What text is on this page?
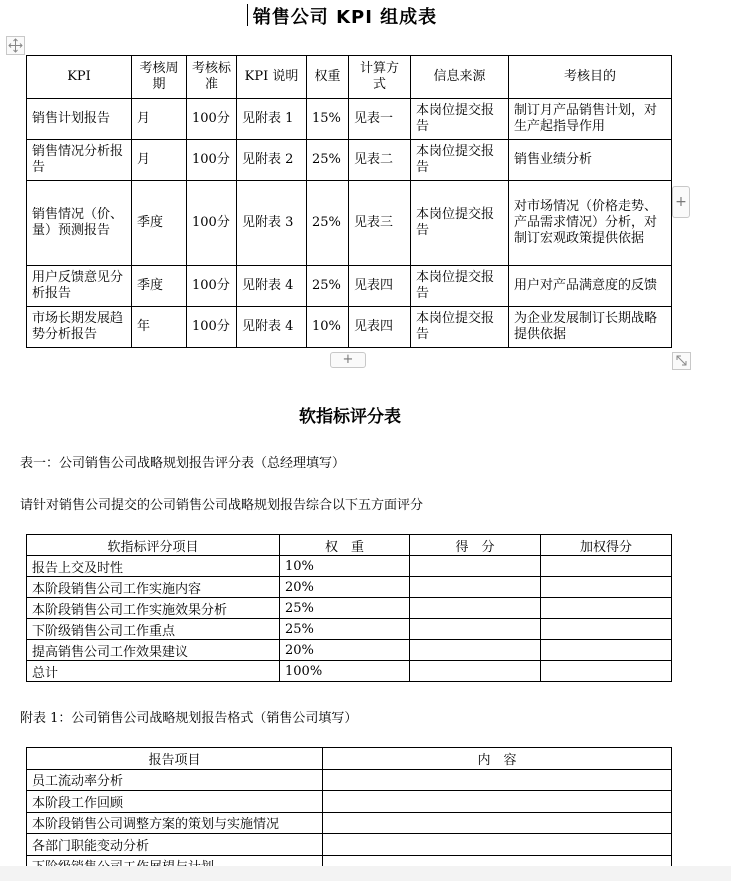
销售公司 KPI 组成表
KPI	考核周期	考核标准	KPI 说明	权重	计算方式	信息来源	考核目的
销售计划报告	月	100分	见附表 1	15%	见表一	本岗位提交报告	制订月产品销售计划，对生产起指导作用
销售情况分析报告	月	100分	见附表 2	25%	见表二	本岗位提交报告	销售业绩分析
销售情况（价、量）预测报告	季度	100分	见附表 3	25%	见表三	本岗位提交报告	对市场情况（价格走势、产品需求情况）分析，对制订宏观政策提供依据
用户反馈意见分析报告	季度	100分	见附表 4	25%	见表四	本岗位提交报告	用户对产品满意度的反馈
市场长期发展趋势分析报告	年	100分	见附表 4	10%	见表四	本岗位提交报告	为企业发展制订长期战略提供依据
+
+
软指标评分表
表一：公司销售公司战略规划报告评分表（总经理填写）
请针对销售公司提交的公司销售公司战略规划报告综合以下五方面评分
软指标评分项目	权　重	得　分	加权得分
报告上交及时性	10%		
本阶段销售公司工作实施内容	20%		
本阶段销售公司工作实施效果分析	25%		
下阶级销售公司工作重点	25%		
提高销售公司工作效果建议	20%		
总计	100%		
附表 1：公司销售公司战略规划报告格式（销售公司填写）
报告项目	内　容
员工流动率分析	
本阶段工作回顾	
本阶段销售公司调整方案的策划与实施情况	
各部门职能变动分析	
